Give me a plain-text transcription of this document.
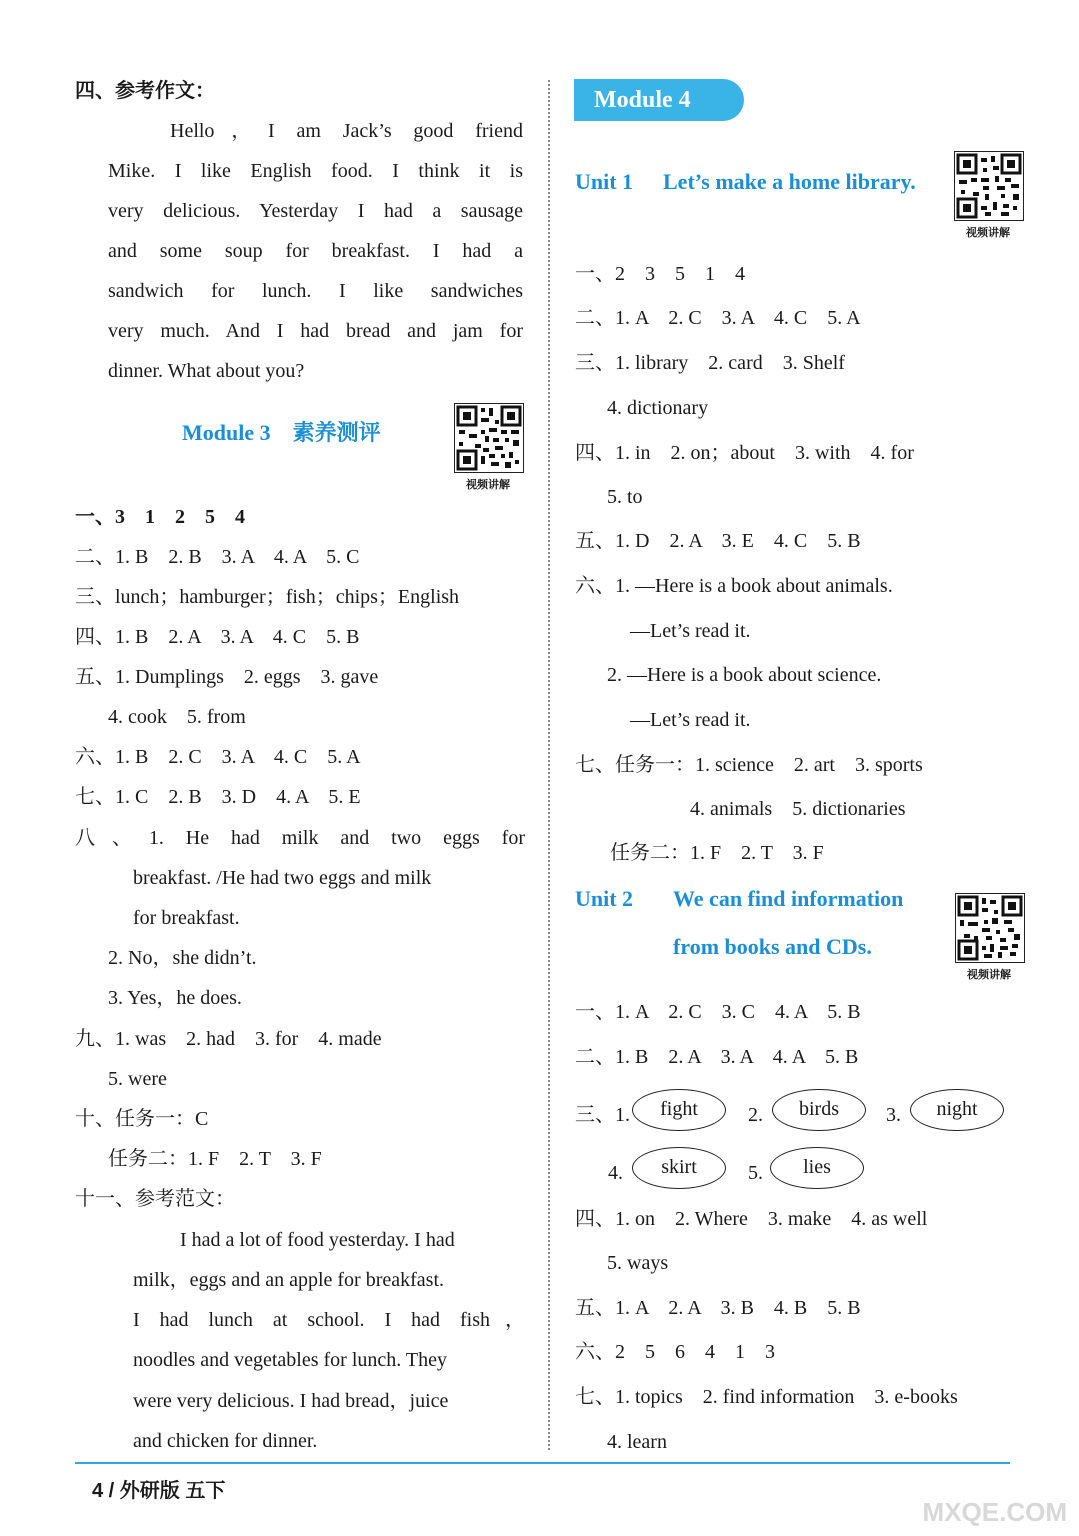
四、参考作文：
Hello，I am Jack’s good friend
Mike. I like English food. I think it is
very delicious. Yesterday I had a sausage
and some soup for breakfast. I had a
sandwich for lunch. I like sandwiches
very much. And I had bread and jam for
dinner. What about you?
Module 3　素养测评
视频讲解
一、3　1　2　5　4
二、1. B　2. B　3. A　4. A　5. C
三、lunch；hamburger；fish；chips；English
四、1. B　2. A　3. A　4. C　5. B
五、1. Dumplings　2. eggs　3. gave
4. cook　5. from
六、1. B　2. C　3. A　4. C　5. A
七、1. C　2. B　3. D　4. A　5. E
八、1. He had milk and two eggs for
breakfast. /He had two eggs and milk
for breakfast.
2. No，she didn’t.
3. Yes，he does.
九、1. was　2. had　3. for　4. made
5. were
十、任务一：C
任务二：1. F　2. T　3. F
十一、参考范文：
I had a lot of food yesterday. I had
milk，eggs and an apple for breakfast.
I had lunch at school. I had fish，
noodles and vegetables for lunch. They
were very delicious. I had bread，juice
and chicken for dinner.
Module 4
Unit 1 Let’s make a home library.
视频讲解
一、2　3　5　1　4
二、1. A　2. C　3. A　4. C　5. A
三、1. library　2. card　3. Shelf
4. dictionary
四、1. in　2. on；about　3. with　4. for
5. to
五、1. D　2. A　3. E　4. C　5. B
六、1. —Here is a book about animals.
—Let’s read it.
2. —Here is a book about science.
—Let’s read it.
七、任务一：1. science　2. art　3. sports
4. animals　5. dictionaries
任务二：1. F　2. T　3. F
Unit 2 We can find information
from books and CDs.
视频讲解
一、1. A　2. C　3. C　4. A　5. B
二、1. B　2. A　3. A　4. A　5. B
三、1.	fight	2.	birds	3.	night
4.	skirt	5.	lies
四、1. on　2. Where　3. make　4. as well
5. ways
五、1. A　2. A　3. B　4. B　5. B
六、2　5　6　4　1　3
七、1. topics　2. find information　3. e-books
4. learn
4 / 外研版 五下
MXQE.COM
